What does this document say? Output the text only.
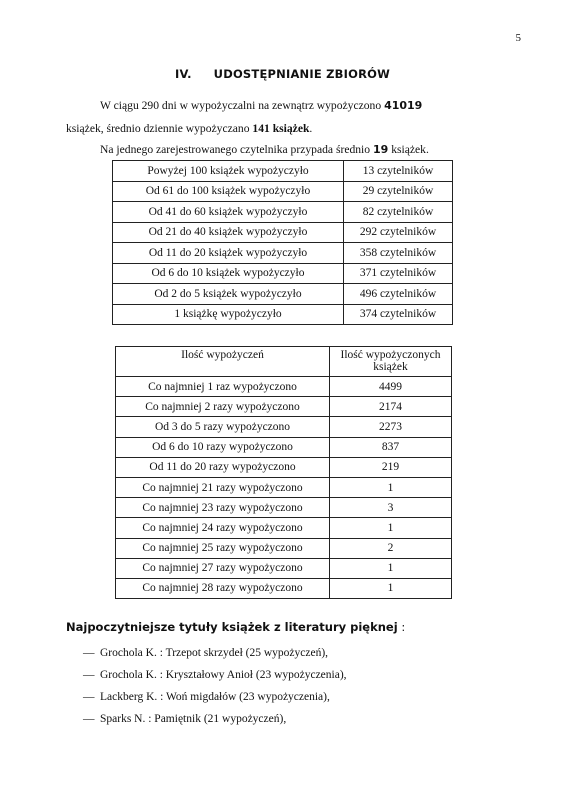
5
IV. UDOSTĘPNIANIE ZBIORÓW
W ciągu 290 dni w wypożyczalni na zewnątrz wypożyczono 41019
książek, średnio dziennie wypożyczano 141 książek.
Na jednego zarejestrowanego czytelnika przypada średnio 19 książek.
Powyżej 100 książek wypożyczyło	13 czytelników
Od 61 do 100 książek wypożyczyło	29 czytelników
Od 41 do 60 książek wypożyczyło	82 czytelników
Od 21 do 40 książek wypożyczyło	292 czytelników
Od 11 do 20 książek wypożyczyło	358 czytelników
Od 6 do 10 książek wypożyczyło	371 czytelników
Od 2 do 5 książek wypożyczyło	496 czytelników
1 książkę wypożyczyło	374 czytelników
Ilość wypożyczeń	Ilość wypożyczonych książek
Co najmniej 1 raz wypożyczono	4499
Co najmniej 2 razy wypożyczono	2174
Od 3 do 5 razy wypożyczono	2273
Od 6 do 10 razy wypożyczono	837
Od 11 do 20 razy wypożyczono	219
Co najmniej 21 razy wypożyczono	1
Co najmniej 23 razy wypożyczono	3
Co najmniej 24 razy wypożyczono	1
Co najmniej 25 razy wypożyczono	2
Co najmniej 27 razy wypożyczono	1
Co najmniej 28 razy wypożyczono	1
Najpoczytniejsze tytuły książek z literatury pięknej :
— Grochola K. : Trzepot skrzydeł (25 wypożyczeń),
— Grochola K. : Kryształowy Anioł (23 wypożyczenia),
— Lackberg K. : Woń migdałów (23 wypożyczenia),
— Sparks N. : Pamiętnik (21 wypożyczeń),
